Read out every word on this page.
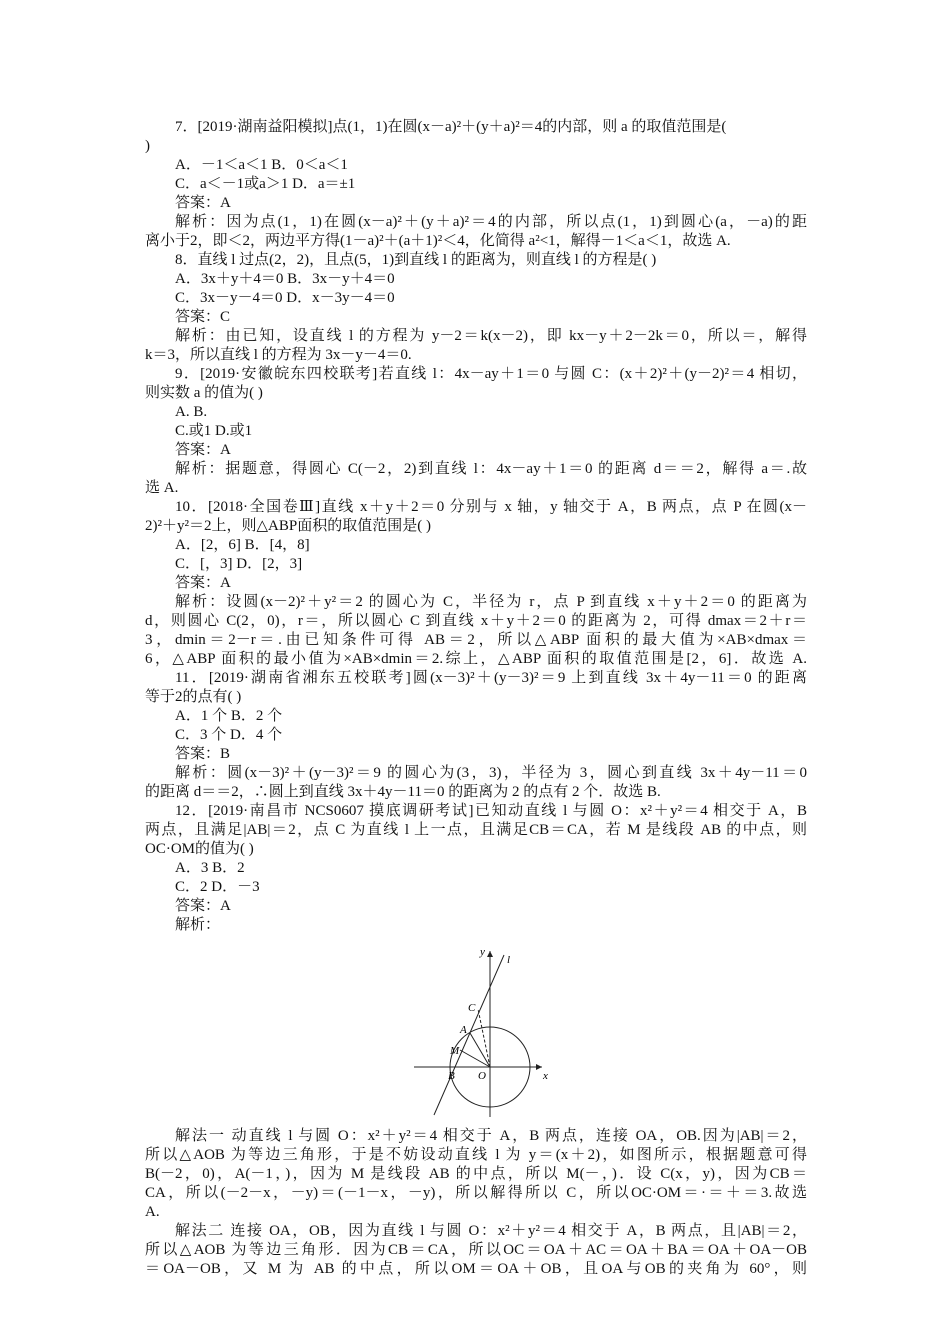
7．[2019·湖南益阳模拟]点(1，1)在圆(x－a)²＋(y＋a)²＝4的内部，则 a 的取值范围是(
)
A．－1＜a＜1 B．0＜a＜1
C．a＜－1或a＞1 D．a＝±1
答案：A
解析：因为点(1，1)在圆(x－a)²＋(y＋a)²＝4的内部，所以点(1，1)到圆心(a，－a)的距
离小于2，即＜2，两边平方得(1－a)²＋(a＋1)²＜4，化简得 a²<1，解得－1＜a＜1，故选 A.
8．直线 l 过点(2，2)，且点(5，1)到直线 l 的距离为，则直线 l 的方程是( )
A．3x＋y＋4＝0 B．3x－y＋4＝0
C．3x－y－4＝0 D．x－3y－4＝0
答案：C
解析：由已知，设直线 l 的方程为 y－2＝k(x－2)，即 kx－y＋2－2k＝0，所以＝，解得
k＝3，所以直线 l 的方程为 3x－y－4＝0.
9．[2019·安徽皖东四校联考]若直线 l：4x－ay＋1＝0 与圆 C：(x＋2)²＋(y－2)²＝4 相切，
则实数 a 的值为( )
A. B.
C.或1 D.或1
答案：A
解析：据题意，得圆心 C(－2，2)到直线 l：4x－ay＋1＝0 的距离 d＝＝2，解得 a＝.故
选 A.
10．[2018·全国卷Ⅲ]直线 x＋y＋2＝0 分别与 x 轴，y 轴交于 A，B 两点，点 P 在圆(x－
2)²＋y²＝2上，则△ABP面积的取值范围是( )
A．[2，6] B．[4，8]
C．[，3] D．[2，3]
答案：A
解析：设圆(x－2)²＋y²＝2 的圆心为 C，半径为 r，点 P 到直线 x＋y＋2＝0 的距离为
d，则圆心 C(2，0)，r＝，所以圆心 C 到直线 x＋y＋2＝0 的距离为 2，可得 dmax＝2＋r＝
3，dmin＝2－r＝.由已知条件可得 AB＝2，所以△ABP 面积的最大值为×AB×dmax＝
6，△ABP 面积的最小值为×AB×dmin＝2.综上，△ABP 面积的取值范围是[2，6]．故选 A.
11．[2019·湖南省湘东五校联考]圆(x－3)²＋(y－3)²＝9 上到直线 3x＋4y－11＝0 的距离
等于2的点有( )
A．1 个 B．2 个
C．3 个 D．4 个
答案：B
解析：圆(x－3)²＋(y－3)²＝9 的圆心为(3，3)，半径为 3，圆心到直线 3x＋4y－11＝0
的距离 d＝＝2，∴圆上到直线 3x＋4y－11＝0 的距离为 2 的点有 2 个．故选 B.
12．[2019·南昌市 NCS0607 摸底调研考试]已知动直线 l 与圆 O：x²＋y²＝4 相交于 A，B
两点，且满足|AB|＝2，点 C 为直线 l 上一点，且满足CB＝CA，若 M 是线段 AB 的中点，则
OC·OM的值为( )
A．3 B．2
C．2 D．－3
答案：A
解析：
y
x
l
C
A
M
B O
解法一 动直线 l 与圆 O：x²＋y²＝4 相交于 A，B 两点，连接 OA，OB.因为|AB|＝2，
所以△AOB 为等边三角形，于是不妨设动直线 l 为 y＝(x＋2)，如图所示，根据题意可得
B(－2，0)，A(－1，)，因为 M 是线段 AB 的中点，所以 M(－，)．设 C(x，y)，因为CB＝
CA，所以(－2－x，－y)＝(－1－x，－y)，所以解得所以 C，所以OC·OM＝·＝＋＝3.故选
A.
解法二 连接 OA，OB，因为直线 l 与圆 O：x²＋y²＝4 相交于 A，B 两点，且|AB|＝2，
所以△AOB 为等边三角形．因为CB＝CA，所以OC＝OA＋AC＝OA＋BA＝OA＋OA－OB
＝OA－OB，又 M 为 AB 的中点，所以OM＝OA＋OB，且OA与OB的夹角为 60°，则
